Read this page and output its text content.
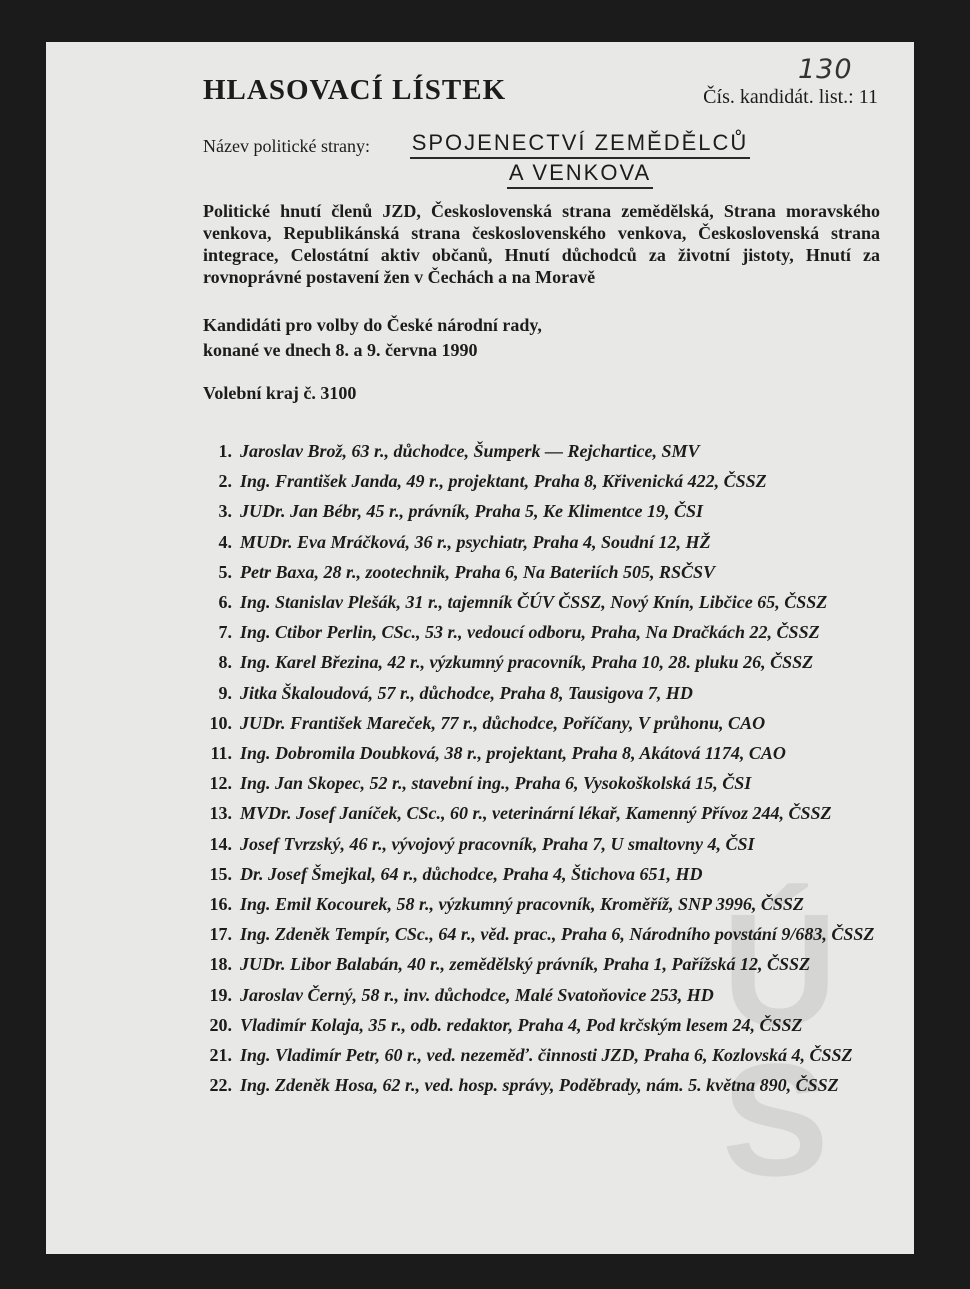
Ú
S
130
HLASOVACÍ LÍSTEK	Čís. kandidát. list.: 11
Název politické strany:	SPOJENECTVÍ ZEMĚDĚLCŮ
A VENKOVA
Politické hnutí členů JZD, Československá strana zemědělská, Strana moravského venkova, Republikánská strana československého venkova, Československá strana integrace, Celostátní aktiv občanů, Hnutí důchodců za životní jistoty, Hnutí za rovnoprávné postavení žen v Čechách a na Moravě
Kandidáti pro volby do České národní rady,
konané ve dnech 8. a 9. června 1990
Volební kraj č. 3100
1. Jaroslav Brož, 63 r., důchodce, Šumperk — Rejchartice, SMV
2. Ing. František Janda, 49 r., projektant, Praha 8, Křivenická 422, ČSSZ
3. JUDr. Jan Bébr, 45 r., právník, Praha 5, Ke Klimentce 19, ČSI
4. MUDr. Eva Mráčková, 36 r., psychiatr, Praha 4, Soudní 12, HŽ
5. Petr Baxa, 28 r., zootechnik, Praha 6, Na Bateriích 505, RSČSV
6. Ing. Stanislav Plešák, 31 r., tajemník ČÚV ČSSZ, Nový Knín, Libčice 65, ČSSZ
7. Ing. Ctibor Perlin, CSc., 53 r., vedoucí odboru, Praha, Na Dračkách 22, ČSSZ
8. Ing. Karel Březina, 42 r., výzkumný pracovník, Praha 10, 28. pluku 26, ČSSZ
9. Jitka Škaloudová, 57 r., důchodce, Praha 8, Tausigova 7, HD
10. JUDr. František Mareček, 77 r., důchodce, Poříčany, V průhonu, CAO
11. Ing. Dobromila Doubková, 38 r., projektant, Praha 8, Akátová 1174, CAO
12. Ing. Jan Skopec, 52 r., stavební ing., Praha 6, Vysokoškolská 15, ČSI
13. MVDr. Josef Janíček, CSc., 60 r., veterinární lékař, Kamenný Přívoz 244, ČSSZ
14. Josef Tvrzský, 46 r., vývojový pracovník, Praha 7, U smaltovny 4, ČSI
15. Dr. Josef Šmejkal, 64 r., důchodce, Praha 4, Štichova 651, HD
16. Ing. Emil Kocourek, 58 r., výzkumný pracovník, Kroměříž, SNP 3996, ČSSZ
17. Ing. Zdeněk Tempír, CSc., 64 r., věd. prac., Praha 6, Národního povstání 9/683, ČSSZ
18. JUDr. Libor Balabán, 40 r., zemědělský právník, Praha 1, Pařížská 12, ČSSZ
19. Jaroslav Černý, 58 r., inv. důchodce, Malé Svatoňovice 253, HD
20. Vladimír Kolaja, 35 r., odb. redaktor, Praha 4, Pod krčským lesem 24, ČSSZ
21. Ing. Vladimír Petr, 60 r., ved. nezeměď. činnosti JZD, Praha 6, Kozlovská 4, ČSSZ
22. Ing. Zdeněk Hosa, 62 r., ved. hosp. správy, Poděbrady, nám. 5. května 890, ČSSZ
